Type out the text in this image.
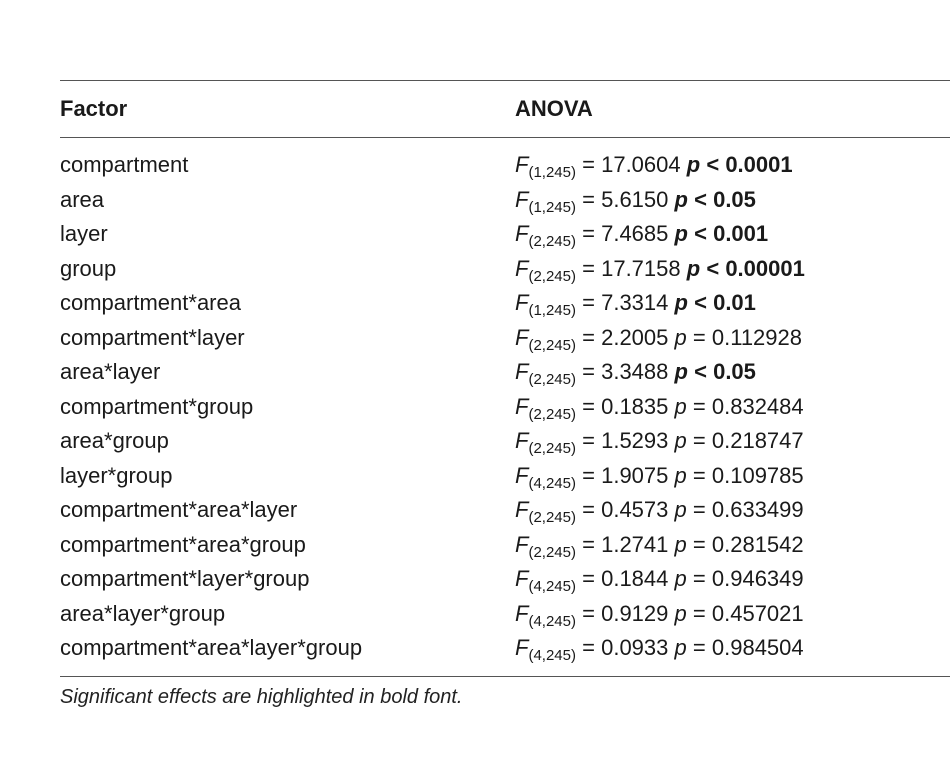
Factor	ANOVA
compartment	$F_{(1,245)} = 17.0604$ p < 0.0001
area	$F_{(1,245)} = 5.6150$ p < 0.05
layer	$F_{(2,245)} = 7.4685$ p < 0.001
group	$F_{(2,245)} = 17.7158$ p < 0.00001
compartment*area	$F_{(1,245)} = 7.3314$ p < 0.01
compartment*layer	$F_{(2,245)} = 2.2005$ p = 0.112928
area*layer	$F_{(2,245)} = 3.3488$ p < 0.05
compartment*group	$F_{(2,245)} = 0.1835$ p = 0.832484
area*group	$F_{(2,245)} = 1.5293$ p = 0.218747
layer*group	$F_{(4,245)} = 1.9075$ p = 0.109785
compartment*area*layer	$F_{(2,245)} = 0.4573$ p = 0.633499
compartment*area*group	$F_{(2,245)} = 1.2741$ p = 0.281542
compartment*layer*group	$F_{(4,245)} = 0.1844$ p = 0.946349
area*layer*group	$F_{(4,245)} = 0.9129$ p = 0.457021
compartment*area*layer*group	$F_{(4,245)} = 0.0933$ p = 0.984504
Significant effects are highlighted in bold font.
